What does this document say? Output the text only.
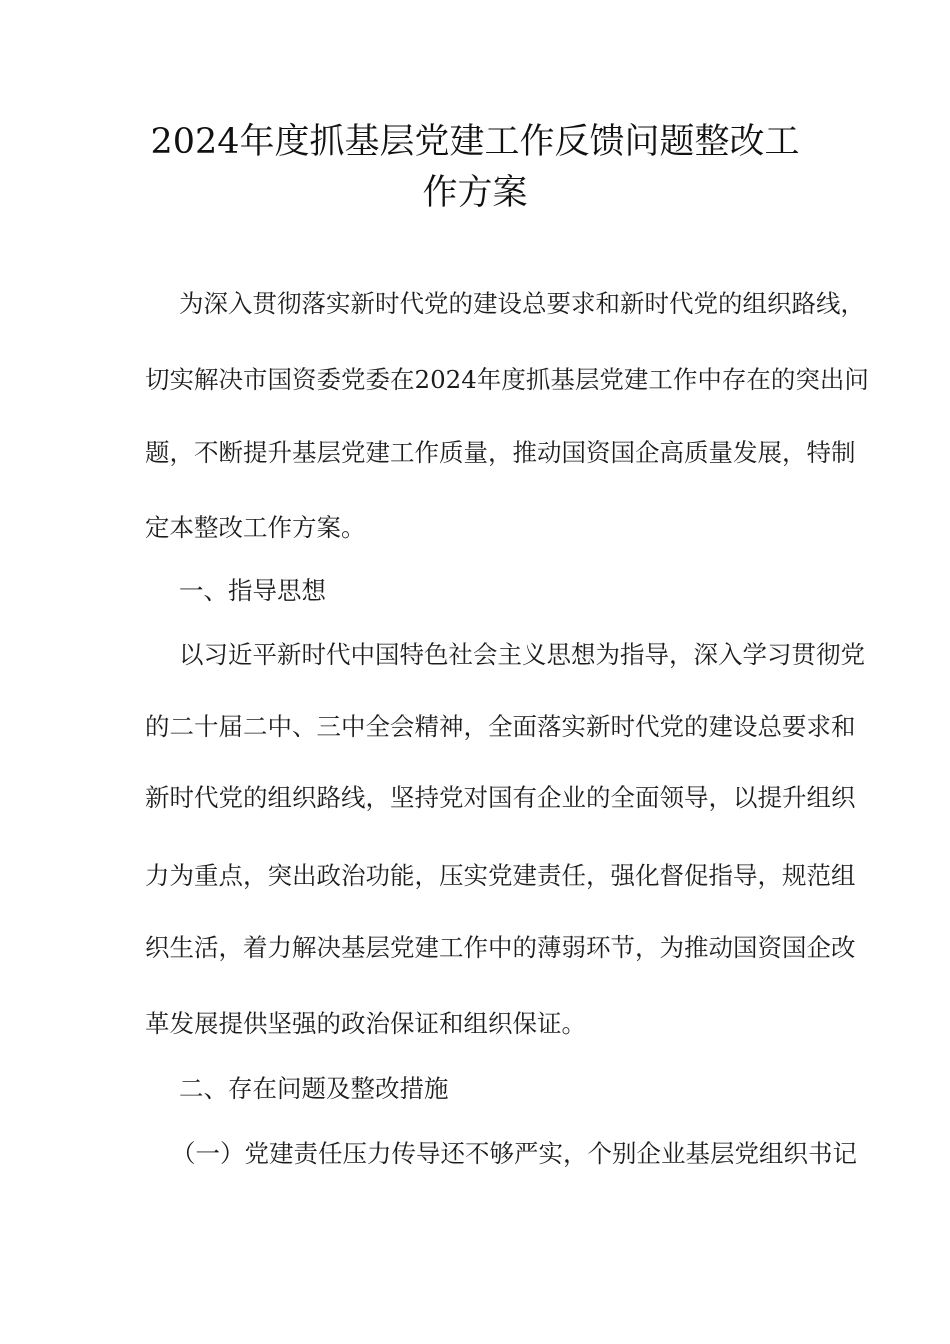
2024年度抓基层党建工作反馈问题整改工
作方案
为深入贯彻落实新时代党的建设总要求和新时代党的组织路线，
切实解决市国资委党委在2024年度抓基层党建工作中存在的突出问
题，不断提升基层党建工作质量，推动国资国企高质量发展，特制
定本整改工作方案。
一、指导思想
以习近平新时代中国特色社会主义思想为指导，深入学习贯彻党
的二十届二中、三中全会精神，全面落实新时代党的建设总要求和
新时代党的组织路线，坚持党对国有企业的全面领导，以提升组织
力为重点，突出政治功能，压实党建责任，强化督促指导，规范组
织生活，着力解决基层党建工作中的薄弱环节，为推动国资国企改
革发展提供坚强的政治保证和组织保证。
二、存在问题及整改措施
（一）党建责任压力传导还不够严实，个别企业基层党组织书记
